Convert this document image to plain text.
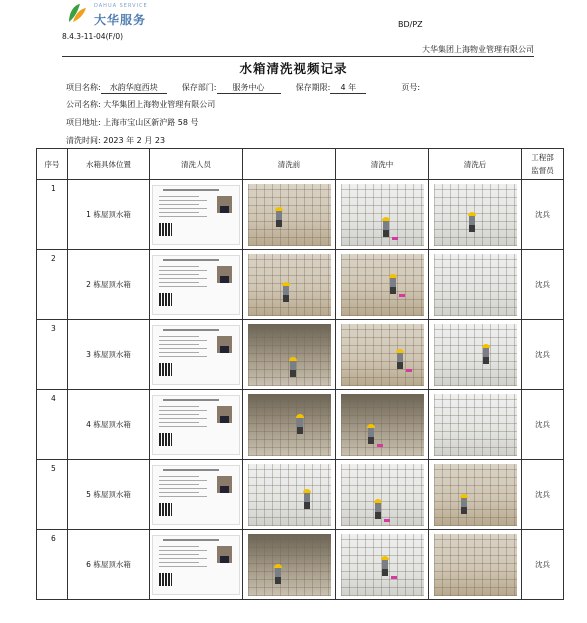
DAHUA SERVICE
大华服务
8.4.3-11-04(F/0)
BD/PZ
大华集团上海物业管理有限公司
水箱清洗视频记录
项目名称: 水韵华庭西块	保存部门: 服务中心	保存期限: 4 年	页号:
公司名称: 大华集团上海物业管理有限公司
项目地址: 上海市宝山区新沪路 58 号
清洗时间: 2023 年 2 月 23
序号	水箱具体位置	清洗人员	清洗前	清洗中	清洗后	工程部
监督员
1	1 栋屋顶水箱					沈兵
2	2 栋屋顶水箱					沈兵
3	3 栋屋顶水箱					沈兵
4	4 栋屋顶水箱					沈兵
5	5 栋屋顶水箱					沈兵
6	6 栋屋顶水箱					沈兵
